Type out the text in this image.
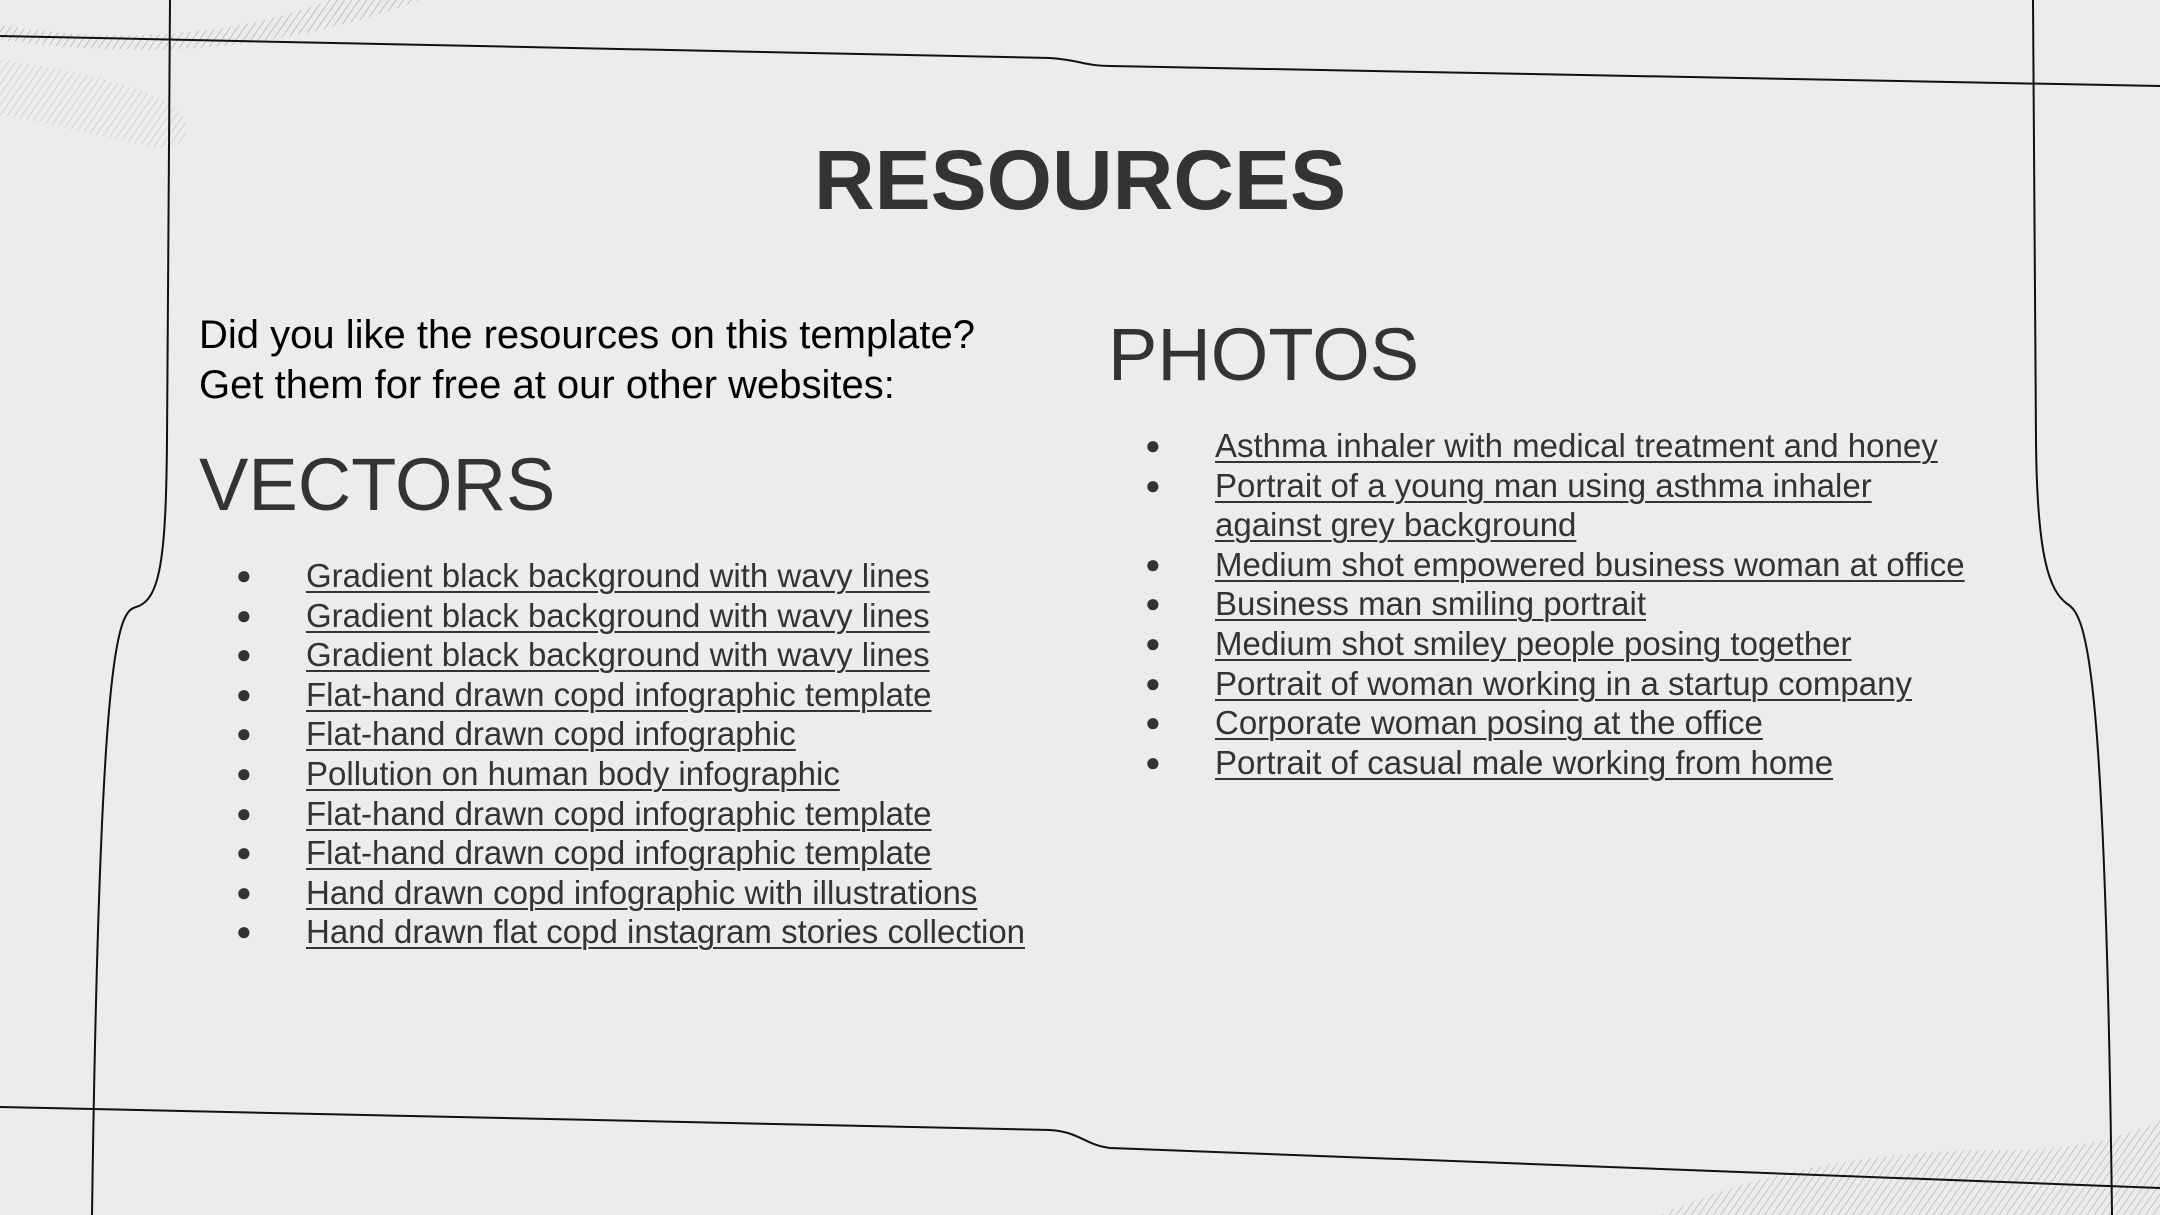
RESOURCES

Did you like the resources on this template?

Get them for free at our other websites:

VECTORS
● Gradient black background with wavy lines
● Gradient black background with wavy lines
● Gradient black background with wavy lines
● Flat-hand drawn copd infographic template
● Flat-hand drawn copd infographic
● Pollution on human body infographic
● Flat-hand drawn copd infographic template
● Flat-hand drawn copd infographic template
● Hand drawn copd infographic with illustrations
● Hand drawn flat copd instagram stories collection
PHOTOS
● Asthma inhaler with medical treatment and honey
● Portrait of a young man using asthma inhaler against grey background
● Medium shot empowered business woman at office
● Business man smiling portrait
● Medium shot smiley people posing together
● Portrait of woman working in a startup company
● Corporate woman posing at the office
● Portrait of casual male working from home
